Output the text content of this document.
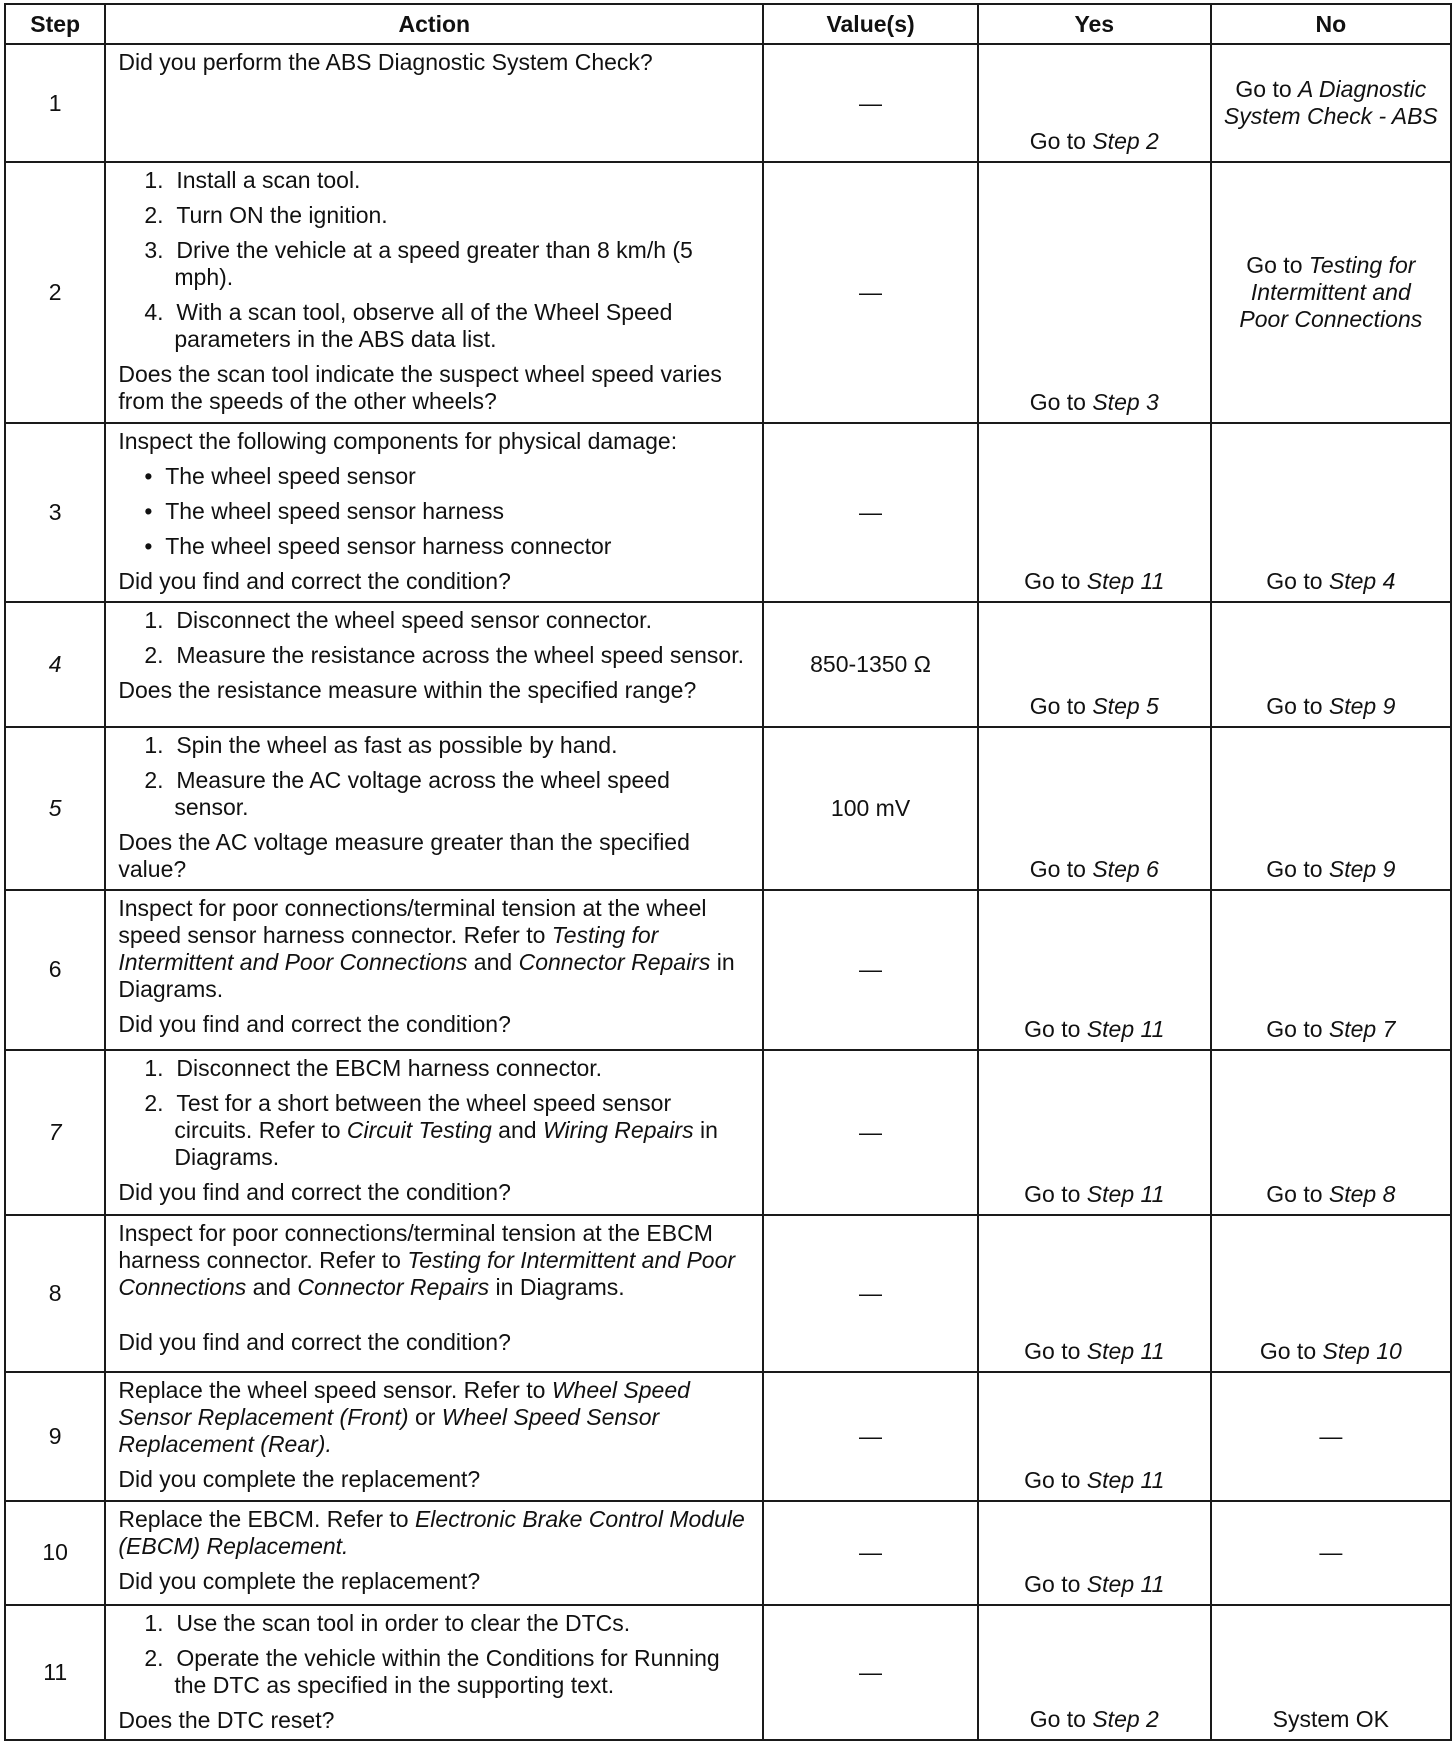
Step	Action	Value(s)	Yes	No
1	Did you perform the ABS Diagnostic System Check?	—	Go to Step 2	Go to A Diagnostic System Check - ABS
2	1.  Install a scan tool.
2.  Turn ON the ignition.
3.  Drive the vehicle at a speed greater than 8 km/h (5 mph).
4.  With a scan tool, observe all of the Wheel Speed parameters in the ABS data list.
Does the scan tool indicate the suspect wheel speed varies from the speeds of the other wheels?	—	Go to Step 3	Go to Testing for Intermittent and Poor Connections
3	Inspect the following components for physical damage:
•  The wheel speed sensor
•  The wheel speed sensor harness
•  The wheel speed sensor harness connector
Did you find and correct the condition?	—	Go to Step 11	Go to Step 4
4	1.  Disconnect the wheel speed sensor connector.
2.  Measure the resistance across the wheel speed sensor.
Does the resistance measure within the specified range?	850-1350 Ω	Go to Step 5	Go to Step 9
5	1.  Spin the wheel as fast as possible by hand.
2.  Measure the AC voltage across the wheel speed sensor.
Does the AC voltage measure greater than the specified value?	100 mV	Go to Step 6	Go to Step 9
6	Inspect for poor connections/terminal tension at the wheel speed sensor harness connector. Refer to Testing for Intermittent and Poor Connections and Connector Repairs in Diagrams.
Did you find and correct the condition?	—	Go to Step 11	Go to Step 7
7	1.  Disconnect the EBCM harness connector.
2.  Test for a short between the wheel speed sensor circuits. Refer to Circuit Testing and Wiring Repairs in Diagrams.
Did you find and correct the condition?	—	Go to Step 11	Go to Step 8
8	Inspect for poor connections/terminal tension at the EBCM harness connector. Refer to Testing for Intermittent and Poor Connections and Connector Repairs in Diagrams.
Did you find and correct the condition?	—	Go to Step 11	Go to Step 10
9	Replace the wheel speed sensor. Refer to Wheel Speed Sensor Replacement (Front) or Wheel Speed Sensor Replacement (Rear).
Did you complete the replacement?	—	Go to Step 11	—
10	Replace the EBCM. Refer to Electronic Brake Control Module (EBCM) Replacement.
Did you complete the replacement?	—	Go to Step 11	—
11	1.  Use the scan tool in order to clear the DTCs.
2.  Operate the vehicle within the Conditions for Running the DTC as specified in the supporting text.
Does the DTC reset?	—	Go to Step 2	System OK
